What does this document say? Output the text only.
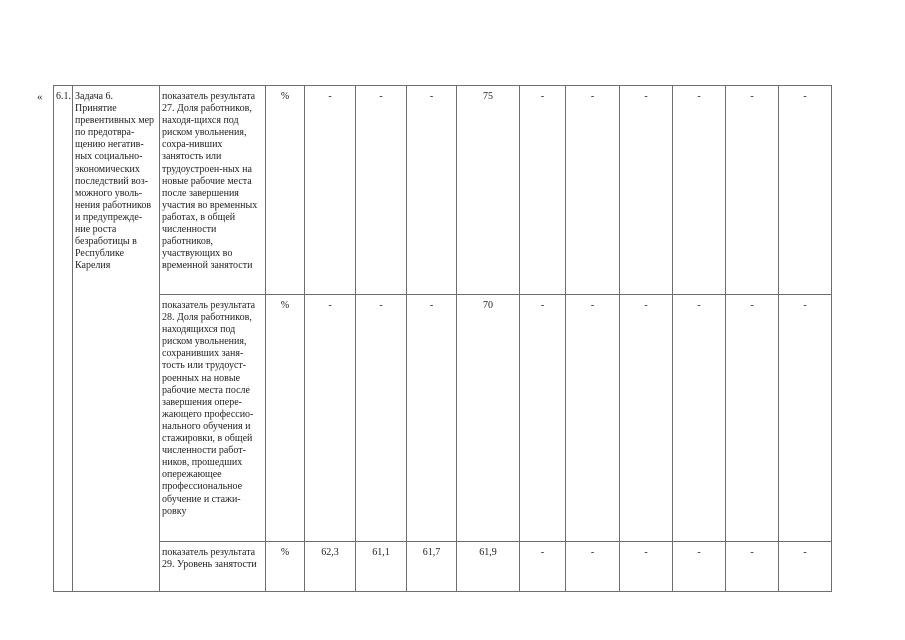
« 6.1.	Задача 6. Принятие превентивных мер по предотвра-щению негатив-ных социально-экономических последствий воз-можного уволь-нения работников и предупрежде-ние роста безработицы в Республике Карелия	показатель результата 27. Доля работников, находя-щихся под риском увольнения, сохра-нивших занятость или трудоустроен-ных на новые рабочие места после завершения участия во временных работах, в общей численности работников, участвующих во временной занятости	%	-	-	-	75	-	-	-	-	-	-
		показатель результата 28. Доля работников, находящихся под риском увольнения, сохранивших заня-тость или трудоуст-роенных на новые рабочие места после завершения опере-жающего профессио-нального обучения и стажировки, в общей численности работ-ников, прошедших опережающее профессиональное обучение и стажи-ровку	%	-	-	-	70	-	-	-	-	-	-
		показатель результата 29. Уровень занятости	%	62,3	61,1	61,7	61,9	-	-	-	-	-	-
